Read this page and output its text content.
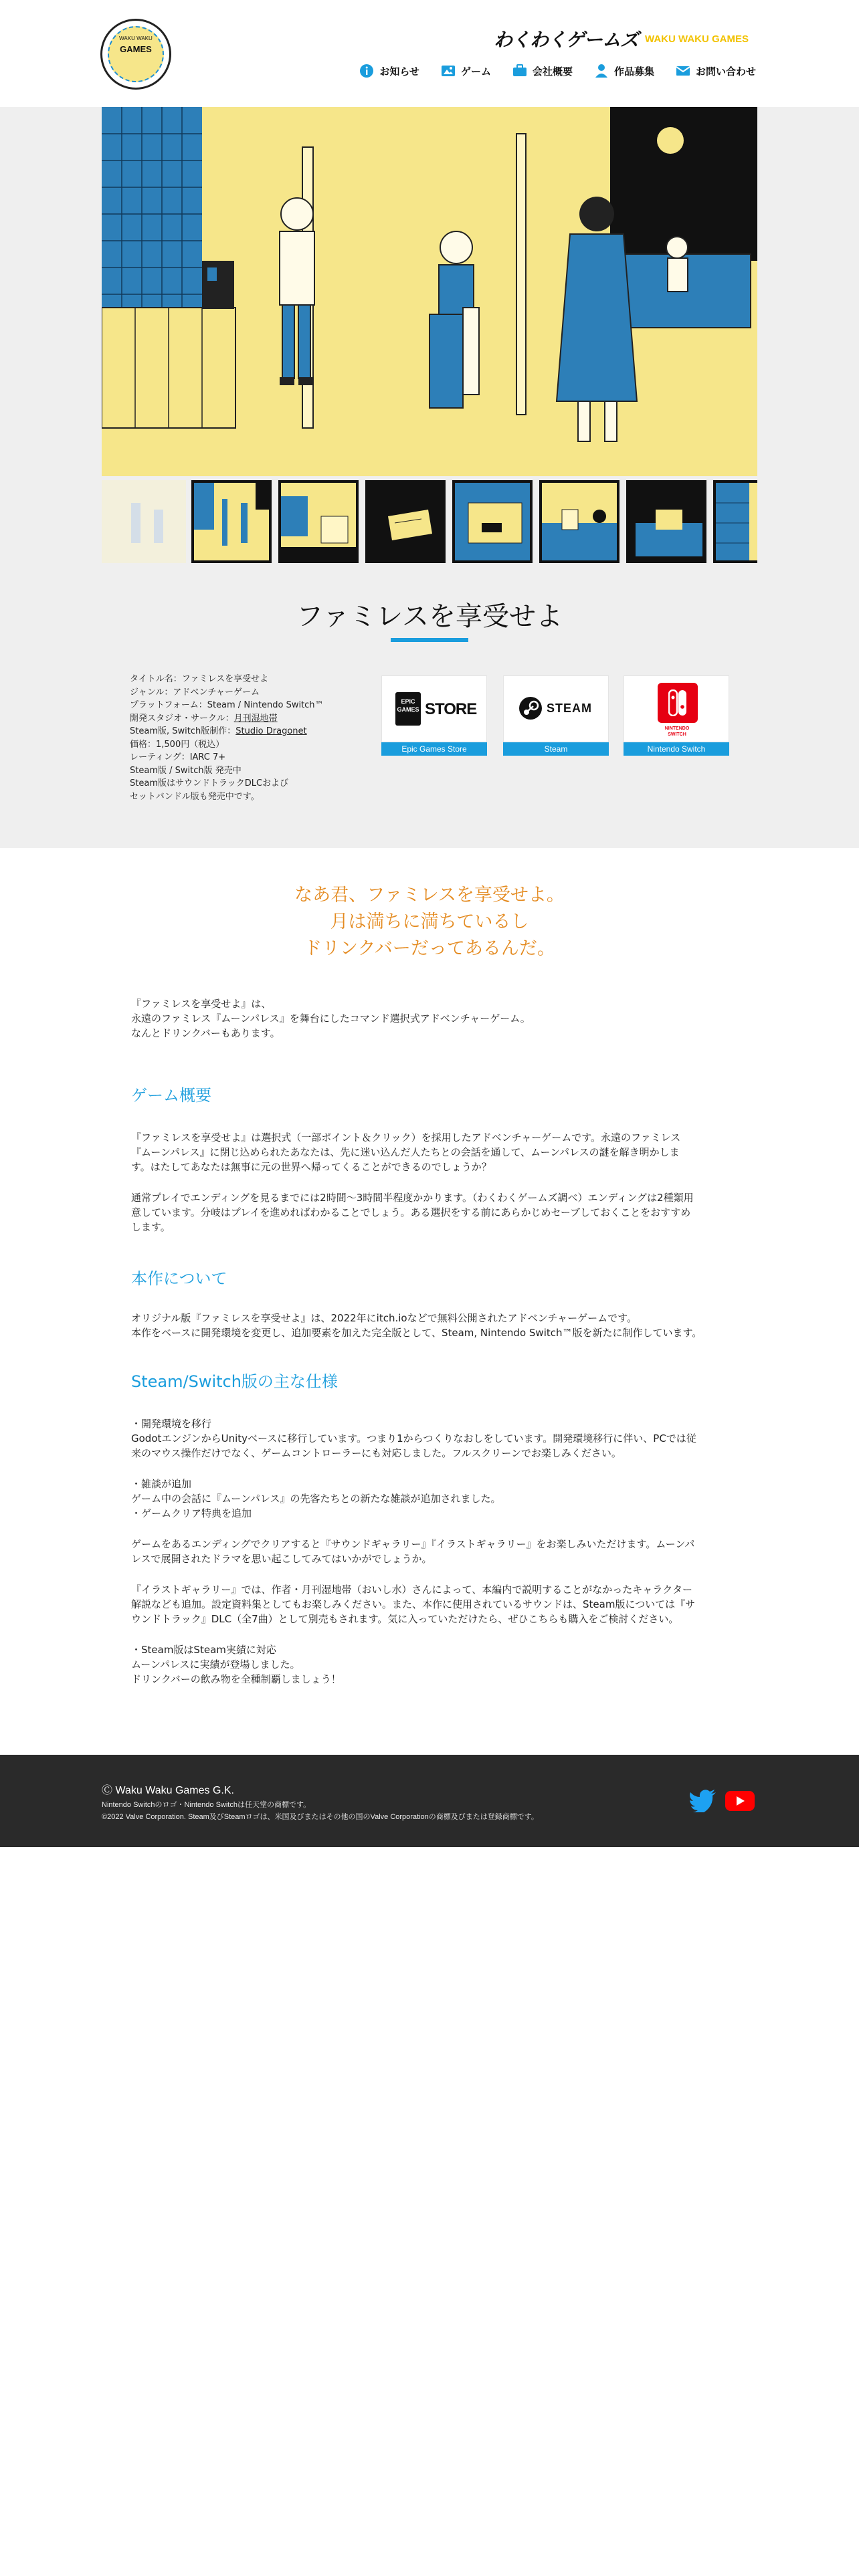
WAKU WAKU
GAMES	わくわくゲームズ WAKU WAKU GAMES
お知らせ	ゲーム	会社概要	作品募集	お問い合わせ
ファミレスを享受せよ
タイトル名：ファミレスを享受せよ
ジャンル：アドベンチャーゲーム
プラットフォーム：Steam / Nintendo Switch™
開発スタジオ・サークル：月刊湿地帯
Steam版, Switch版制作：Studio Dragonet
価格：1,500円（税込）
レーティング：IARC 7+
Steam版 / Switch版 発売中
Steam版はサウンドトラックDLCおよび
セットバンドル版も発売中です。
EPIC
GAMES STORE
Epic Games Store
STEAM
Steam
NINTENDO
SWITCH
Nintendo Switch
なあ君、ファミレスを享受せよ。
月は満ちに満ちているし
ドリンクバーだってあるんだ。
『ファミレスを享受せよ』は、
永遠のファミレス『ムーンパレス』を舞台にしたコマンド選択式アドベンチャーゲーム。
なんとドリンクバーもあります。
ゲーム概要
『ファミレスを享受せよ』は選択式（一部ポイント＆クリック）を採用したアドベンチャーゲームです。永遠のファミレス
『ムーンパレス』に閉じ込められたあなたは、先に迷い込んだ人たちとの会話を通して、ムーンパレスの謎を解き明かしま
す。はたしてあなたは無事に元の世界へ帰ってくることができるのでしょうか？
通常プレイでエンディングを見るまでには2時間〜3時間半程度かかります。（わくわくゲームズ調べ）エンディングは2種類用
意しています。分岐はプレイを進めればわかることでしょう。ある選択をする前にあらかじめセーブしておくことをおすすめ
します。
本作について
オリジナル版『ファミレスを享受せよ』は、2022年にitch.ioなどで無料公開されたアドベンチャーゲームです。
本作をベースに開発環境を変更し、追加要素を加えた完全版として、Steam, Nintendo Switch™版を新たに制作しています。
Steam/Switch版の主な仕様
・開発環境を移行
GodotエンジンからUnityベースに移行しています。つまり1からつくりなおしをしています。開発環境移行に伴い、PCでは従
来のマウス操作だけでなく、ゲームコントローラーにも対応しました。フルスクリーンでお楽しみください。
・雑談が追加
ゲーム中の会話に『ムーンパレス』の先客たちとの新たな雑談が追加されました。
・ゲームクリア特典を追加
ゲームをあるエンディングでクリアすると『サウンドギャラリー』『イラストギャラリー』をお楽しみいただけます。ムーンパ
レスで展開されたドラマを思い起こしてみてはいかがでしょうか。
『イラストギャラリー』では、作者・月刊湿地帯（おいし水）さんによって、本編内で説明することがなかったキャラクター
解説なども追加。設定資料集としてもお楽しみください。また、本作に使用されているサウンドは、Steam版については『サ
ウンドトラック』DLC（全7曲）として別売もされます。気に入っていただけたら、ぜひこちらも購入をご検討ください。
・Steam版はSteam実績に対応
ムーンパレスに実績が登場しました。
ドリンクバーの飲み物を全種制覇しましょう！
Ⓒ Waku Waku Games G.K.
Nintendo Switchのロゴ・Nintendo Switchは任天堂の商標です。
©2022 Valve Corporation. Steam及びSteamロゴは、米国及びまたはその他の国のValve Corporationの商標及びまたは登録商標です。
